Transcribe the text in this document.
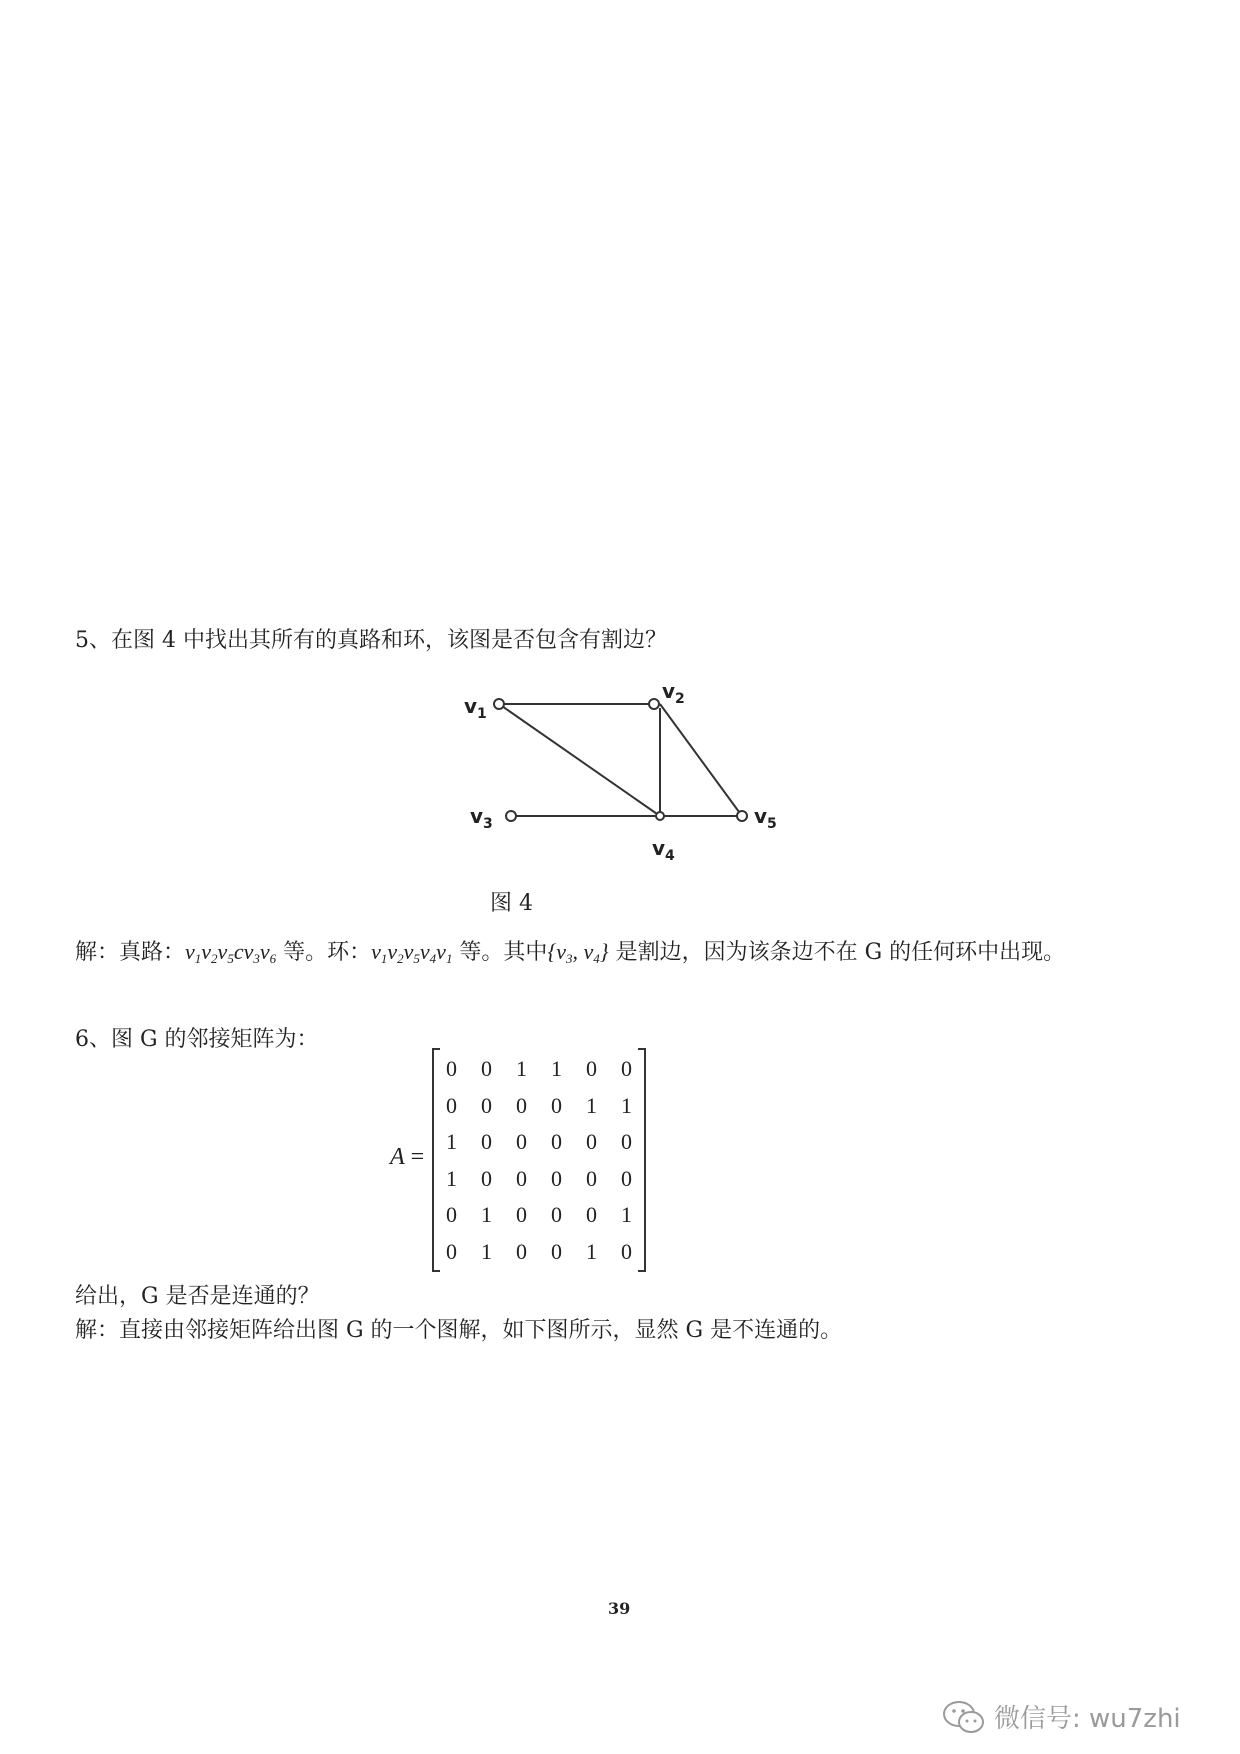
5、在图 4 中找出其所有的真路和环，该图是否包含有割边？
$v_1$
$v_2$
$v_3$
$v_4$
$v_5$
图 4
解：真路：$v_1v_2v_5cv_3v_6$ 等。环：$v_1v_2v_5v_4v_1$ 等。其中{$v_3$, $v_4$} 是割边，因为该条边不在 G 的任何环中出现。
6、图 G 的邻接矩阵为：
A =
0	0	1	1	0	0
0	0	0	0	1	1
1	0	0	0	0	0
1	0	0	0	0	0
0	1	0	0	0	1
0	1	0	0	1	0
给出，G 是否是连通的？
解：直接由邻接矩阵给出图 G 的一个图解，如下图所示，显然 G 是不连通的。
39
微信号: wu7zhi
